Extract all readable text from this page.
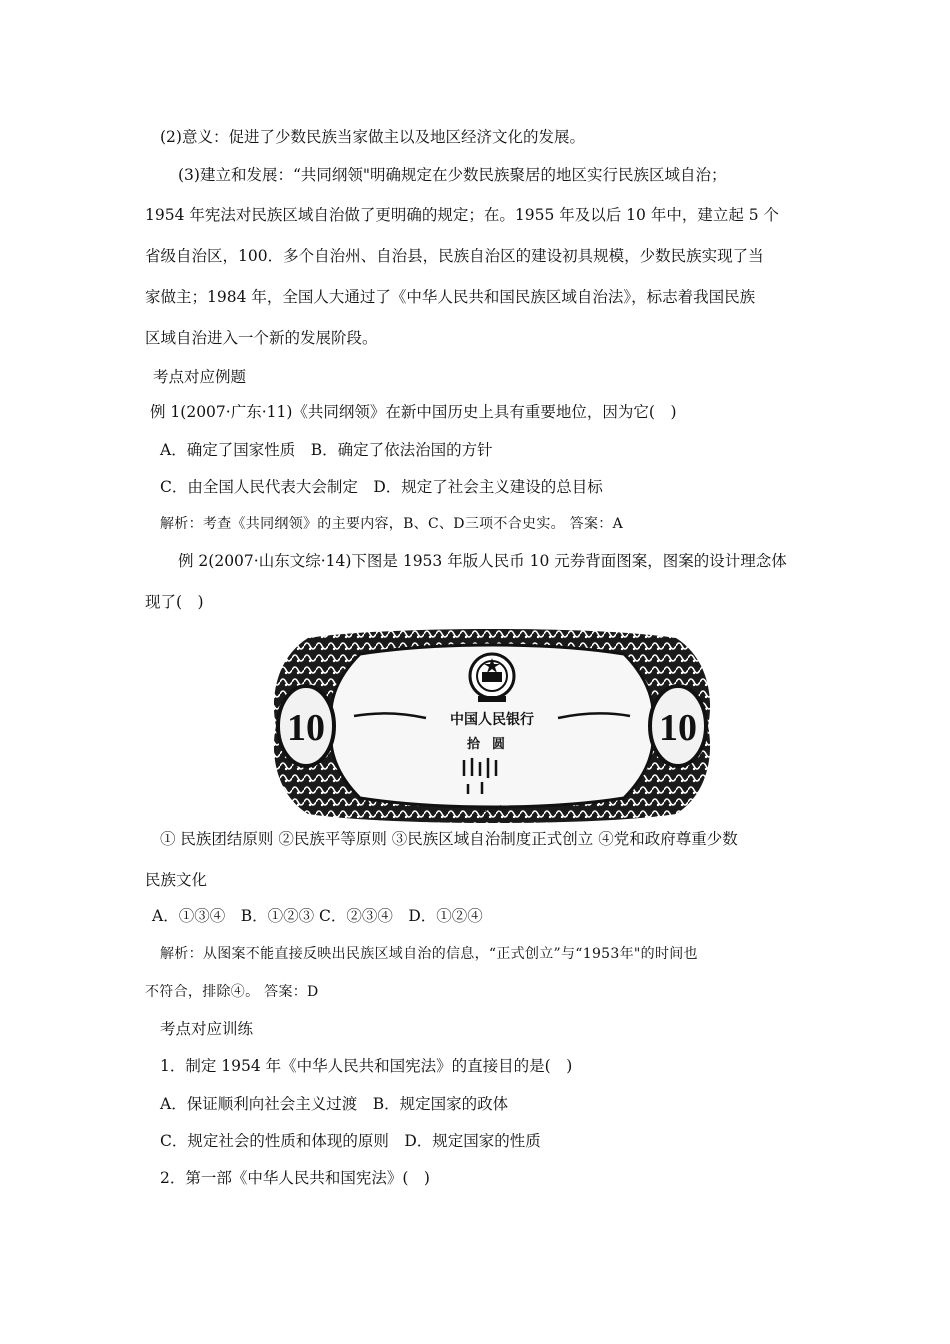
(2)意义：促进了少数民族当家做主以及地区经济文化的发展。
(3)建立和发展：“共同纲领"明确规定在少数民族聚居的地区实行民族区域自治；
1954 年宪法对民族区域自治做了更明确的规定；在。1955 年及以后 10 年中，建立起 5 个
省级自治区，100．多个自治州、自治县，民族自治区的建设初具规模，少数民族实现了当
家做主；1984 年，全国人大通过了《中华人民共和国民族区域自治法》，标志着我国民族
区域自治进入一个新的发展阶段。
考点对应例题
例 1(2007·广东·11)《共同纲领》在新中国历史上具有重要地位，因为它(　)
A．确定了国家性质　B．确定了依法治国的方针
C．由全国人民代表大会制定　D．规定了社会主义建设的总目标
解析：考查《共同纲领》的主要内容，B、C、D三项不合史实。 答案：A
例 2(2007·山东文综·14)下图是 1953 年版人民币 10 元券背面图案，图案的设计理念体
现了(　)
10	10
中国人民银行
拾圆
1953年
① 民族团结原则 ②民族平等原则 ③民族区域自治制度正式创立 ④党和政府尊重少数
民族文化
A．①③④　B．①②③ C．②③④　D．①②④
解析：从图案不能直接反映出民族区域自治的信息，“正式创立”与“1953年"的时间也
不符合，排除④。 答案：D
考点对应训练
1．制定 1954 年《中华人民共和国宪法》的直接目的是(　)
A．保证顺利向社会主义过渡　B．规定国家的政体
C．规定社会的性质和体现的原则　D．规定国家的性质
2．第一部《中华人民共和国宪法》(　)
